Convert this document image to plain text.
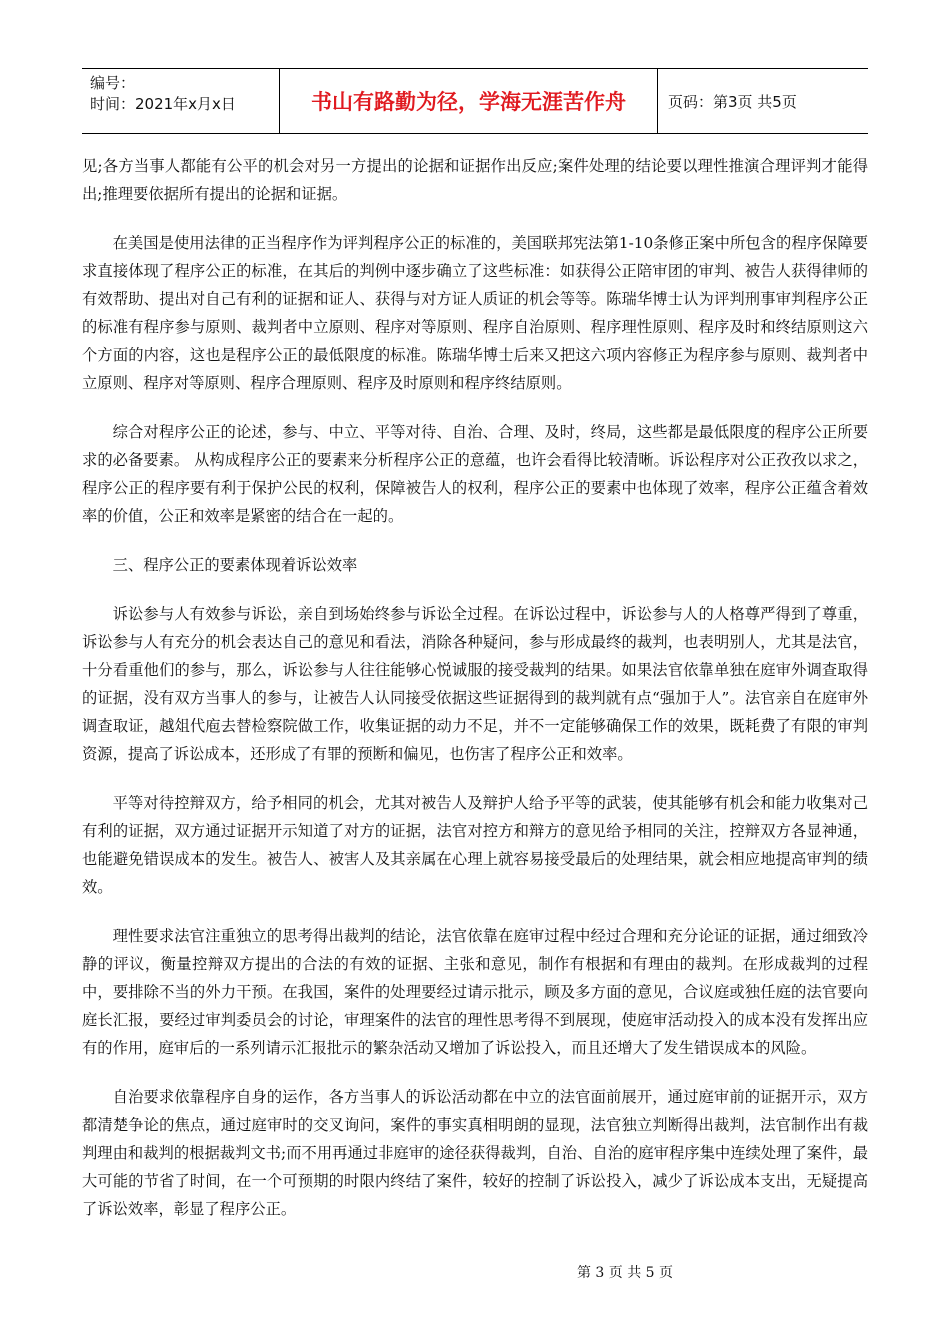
编号：
时间：2021年x月x日	书山有路勤为径，学海无涯苦作舟	页码：第3页 共5页

见;各方当事人都能有公平的机会对另一方提出的论据和证据作出反应;案件处理的结论要以理性推演合理评判才能得出;推理要依据所有提出的论据和证据。

在美国是使用法律的正当程序作为评判程序公正的标准的，美国联邦宪法第1-10条修正案中所包含的程序保障要求直接体现了程序公正的标准，在其后的判例中逐步确立了这些标准：如获得公正陪审团的审判、被告人获得律师的有效帮助、提出对自己有利的证据和证人、获得与对方证人质证的机会等等。陈瑞华博士认为评判刑事审判程序公正的标准有程序参与原则、裁判者中立原则、程序对等原则、程序自治原则、程序理性原则、程序及时和终结原则这六个方面的内容，这也是程序公正的最低限度的标准。陈瑞华博士后来又把这六项内容修正为程序参与原则、裁判者中立原则、程序对等原则、程序合理原则、程序及时原则和程序终结原则。

综合对程序公正的论述，参与、中立、平等对待、自治、合理、及时，终局，这些都是最低限度的程序公正所要求的必备要素。 从构成程序公正的要素来分析程序公正的意蕴，也许会看得比较清晰。诉讼程序对公正孜孜以求之，程序公正的程序要有利于保护公民的权利，保障被告人的权利，程序公正的要素中也体现了效率，程序公正蕴含着效率的价值，公正和效率是紧密的结合在一起的。

三、程序公正的要素体现着诉讼效率

诉讼参与人有效参与诉讼，亲自到场始终参与诉讼全过程。在诉讼过程中，诉讼参与人的人格尊严得到了尊重，诉讼参与人有充分的机会表达自己的意见和看法，消除各种疑问，参与形成最终的裁判，也表明别人，尤其是法官，十分看重他们的参与，那么，诉讼参与人往往能够心悦诚服的接受裁判的结果。如果法官依靠单独在庭审外调查取得的证据，没有双方当事人的参与，让被告人认同接受依据这些证据得到的裁判就有点“强加于人”。法官亲自在庭审外调查取证，越俎代庖去替检察院做工作，收集证据的动力不足，并不一定能够确保工作的效果，既耗费了有限的审判资源，提高了诉讼成本，还形成了有罪的预断和偏见，也伤害了程序公正和效率。

平等对待控辩双方，给予相同的机会，尤其对被告人及辩护人给予平等的武装，使其能够有机会和能力收集对己有利的证据，双方通过证据开示知道了对方的证据，法官对控方和辩方的意见给予相同的关注，控辩双方各显神通，也能避免错误成本的发生。被告人、被害人及其亲属在心理上就容易接受最后的处理结果，就会相应地提高审判的绩效。

理性要求法官注重独立的思考得出裁判的结论，法官依靠在庭审过程中经过合理和充分论证的证据，通过细致冷静的评议，衡量控辩双方提出的合法的有效的证据、主张和意见，制作有根据和有理由的裁判。在形成裁判的过程中，要排除不当的外力干预。在我国，案件的处理要经过请示批示，顾及多方面的意见，合议庭或独任庭的法官要向庭长汇报，要经过审判委员会的讨论，审理案件的法官的理性思考得不到展现，使庭审活动投入的成本没有发挥出应有的作用，庭审后的一系列请示汇报批示的繁杂活动又增加了诉讼投入，而且还增大了发生错误成本的风险。

自治要求依靠程序自身的运作，各方当事人的诉讼活动都在中立的法官面前展开，通过庭审前的证据开示，双方都清楚争论的焦点，通过庭审时的交叉询问，案件的事实真相明朗的显现，法官独立判断得出裁判，法官制作出有裁判理由和裁判的根据裁判文书;而不用再通过非庭审的途径获得裁判，自治、自治的庭审程序集中连续处理了案件，最大可能的节省了时间，在一个可预期的时限内终结了案件，较好的控制了诉讼投入，减少了诉讼成本支出，无疑提高了诉讼效率，彰显了程序公正。

第 3 页 共 5 页
